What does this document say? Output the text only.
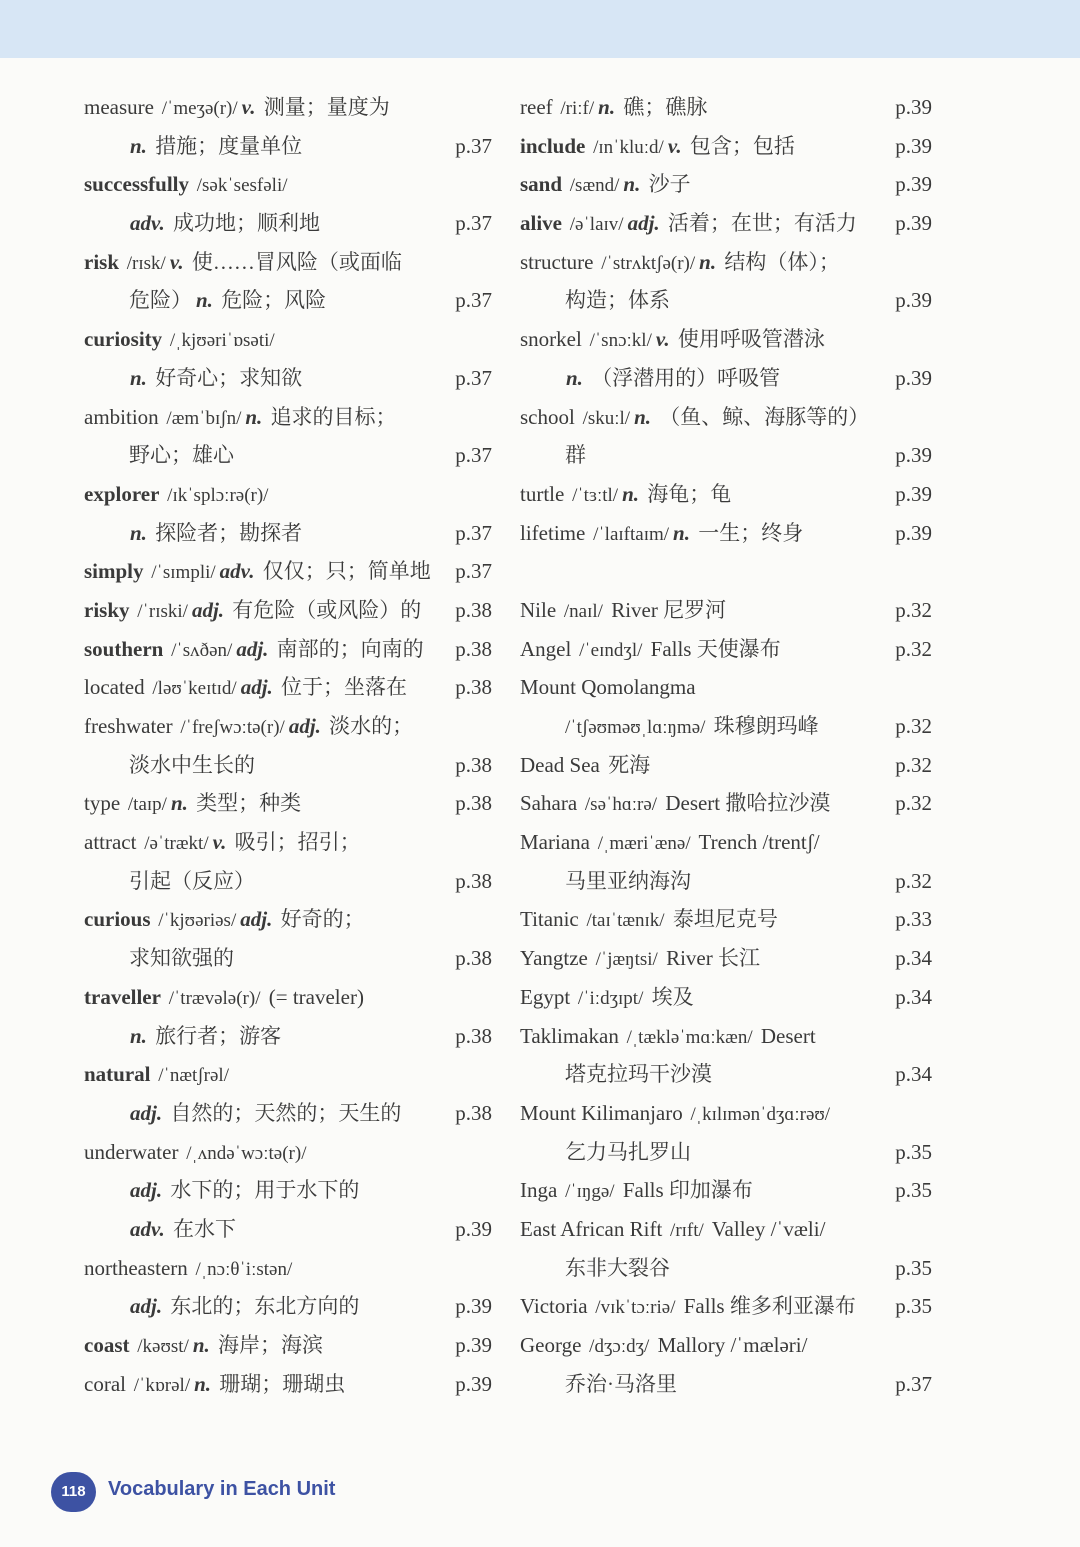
measure /ˈmeʒə(r)/ v. 测量；量度为
n. 措施；度量单位	p.37
successfully /səkˈsesfəli/
adv. 成功地；顺利地	p.37
risk /rɪsk/ v. 使……冒风险（或面临
危险） n. 危险；风险	p.37
curiosity /ˌkjʊəriˈɒsəti/
n. 好奇心；求知欲	p.37
ambition /æmˈbɪʃn/ n. 追求的目标；
野心；雄心	p.37
explorer /ɪkˈsplɔːrə(r)/
n. 探险者；勘探者	p.37
simply /ˈsɪmpli/ adv. 仅仅；只；简单地 p.37
risky /ˈrɪski/ adj. 有危险（或风险）的 p.38
southern /ˈsʌðən/ adj. 南部的；向南的 p.38
located /ləʊˈkeɪtɪd/ adj. 位于；坐落在 p.38
freshwater /ˈfreʃwɔːtə(r)/ adj. 淡水的；
淡水中生长的	p.38
type /taɪp/ n. 类型；种类	p.38
attract /əˈtrækt/ v. 吸引；招引；
引起（反应）	p.38
curious /ˈkjʊəriəs/ adj. 好奇的；
求知欲强的	p.38
traveller /ˈtrævələ(r)/ (= traveler)
n. 旅行者；游客	p.38
natural /ˈnætʃrəl/
adj. 自然的；天然的；天生的	p.38
underwater /ˌʌndəˈwɔːtə(r)/
adj. 水下的；用于水下的
adv. 在水下	p.39
northeastern /ˌnɔːθˈiːstən/
adj. 东北的；东北方向的	p.39
coast /kəʊst/ n. 海岸；海滨	p.39
coral /ˈkɒrəl/ n. 珊瑚；珊瑚虫	p.39
reef /riːf/ n. 礁；礁脉	p.39
include /ɪnˈkluːd/ v. 包含；包括	p.39
sand /sænd/ n. 沙子	p.39
alive /əˈlaɪv/ adj. 活着；在世；有活力 p.39
structure /ˈstrʌktʃə(r)/ n. 结构（体）；
构造；体系	p.39
snorkel /ˈsnɔːkl/ v. 使用呼吸管潜泳
n. （浮潜用的）呼吸管	p.39
school /skuːl/ n. （鱼、鲸、海豚等的）
群	p.39
turtle /ˈtɜːtl/ n. 海龟；龟	p.39
lifetime /ˈlaɪftaɪm/ n. 一生；终身	p.39
Nile /naɪl/ River 尼罗河	p.32
Angel /ˈeɪndʒl/ Falls 天使瀑布	p.32
Mount Qomolangma
/ˈtʃəʊməʊˌlɑːŋmə/ 珠穆朗玛峰	p.32
Dead Sea 死海	p.32
Sahara /səˈhɑːrə/ Desert 撒哈拉沙漠	p.32
Mariana /ˌmæriˈænə/ Trench /trentʃ/
马里亚纳海沟	p.32
Titanic /taɪˈtænɪk/ 泰坦尼克号	p.33
Yangtze /ˈjæŋtsi/ River 长江	p.34
Egypt /ˈiːdʒɪpt/ 埃及	p.34
Taklimakan /ˌtækləˈmɑːkæn/ Desert
塔克拉玛干沙漠	p.34
Mount Kilimanjaro /ˌkɪlɪmənˈdʒɑːrəʊ/
乞力马扎罗山	p.35
Inga /ˈɪŋgə/ Falls 印加瀑布	p.35
East African Rift /rɪft/ Valley /ˈvæli/
东非大裂谷	p.35
Victoria /vɪkˈtɔːriə/ Falls 维多利亚瀑布 p.35
George /dʒɔːdʒ/ Mallory /ˈmæləri/
乔治·马洛里	p.37
118	Vocabulary in Each Unit
